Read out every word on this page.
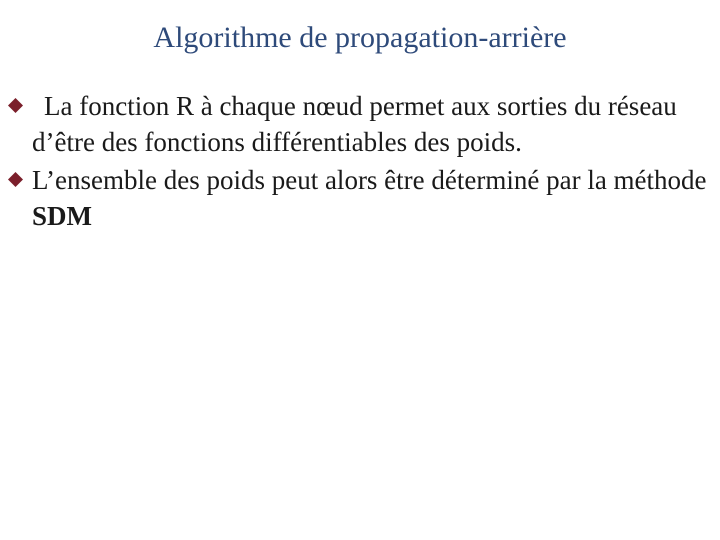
Algorithme de propagation-arrière
La fonction R à chaque nœud permet aux sorties du réseau d’être des fonctions différentiables des poids.
L’ensemble des poids peut alors être déterminé par la méthode SDM
